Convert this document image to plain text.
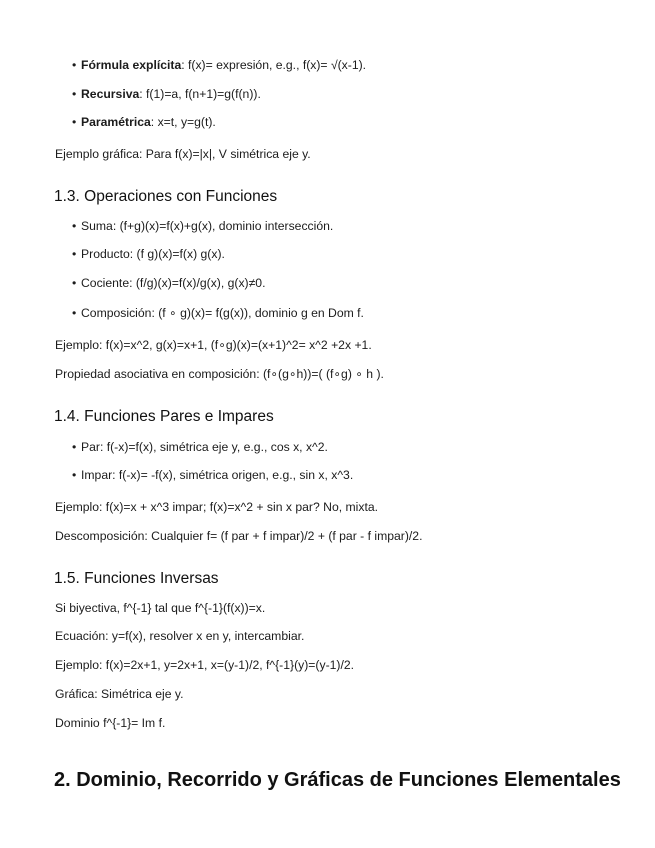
• Fórmula explícita: f(x)= expresión, e.g., f(x)= √(x-1).
• Recursiva: f(1)=a, f(n+1)=g(f(n)).
• Paramétrica: x=t, y=g(t).
Ejemplo gráfica: Para f(x)=|x|, V simétrica eje y.
1.3. Operaciones con Funciones
• Suma: (f+g)(x)=f(x)+g(x), dominio intersección.
• Producto: (f g)(x)=f(x) g(x).
• Cociente: (f/g)(x)=f(x)/g(x), g(x)≠0.
• Composición: (f ∘ g)(x)= f(g(x)), dominio g en Dom f.
Ejemplo: f(x)=x^2, g(x)=x+1, (f∘g)(x)=(x+1)^2= x^2 +2x +1.
Propiedad asociativa en composición: (f∘(g∘h))=( (f∘g) ∘ h ).
1.4. Funciones Pares e Impares
• Par: f(-x)=f(x), simétrica eje y, e.g., cos x, x^2.
• Impar: f(-x)= -f(x), simétrica origen, e.g., sin x, x^3.
Ejemplo: f(x)=x + x^3 impar; f(x)=x^2 + sin x par? No, mixta.
Descomposición: Cualquier f= (f par + f impar)/2 + (f par - f impar)/2.
1.5. Funciones Inversas
Si biyectiva, f^{-1} tal que f^{-1}(f(x))=x.
Ecuación: y=f(x), resolver x en y, intercambiar.
Ejemplo: f(x)=2x+1, y=2x+1, x=(y-1)/2, f^{-1}(y)=(y-1)/2.
Gráfica: Simétrica eje y.
Dominio f^{-1}= Im f.
2. Dominio, Recorrido y Gráficas de Funciones Elementales
